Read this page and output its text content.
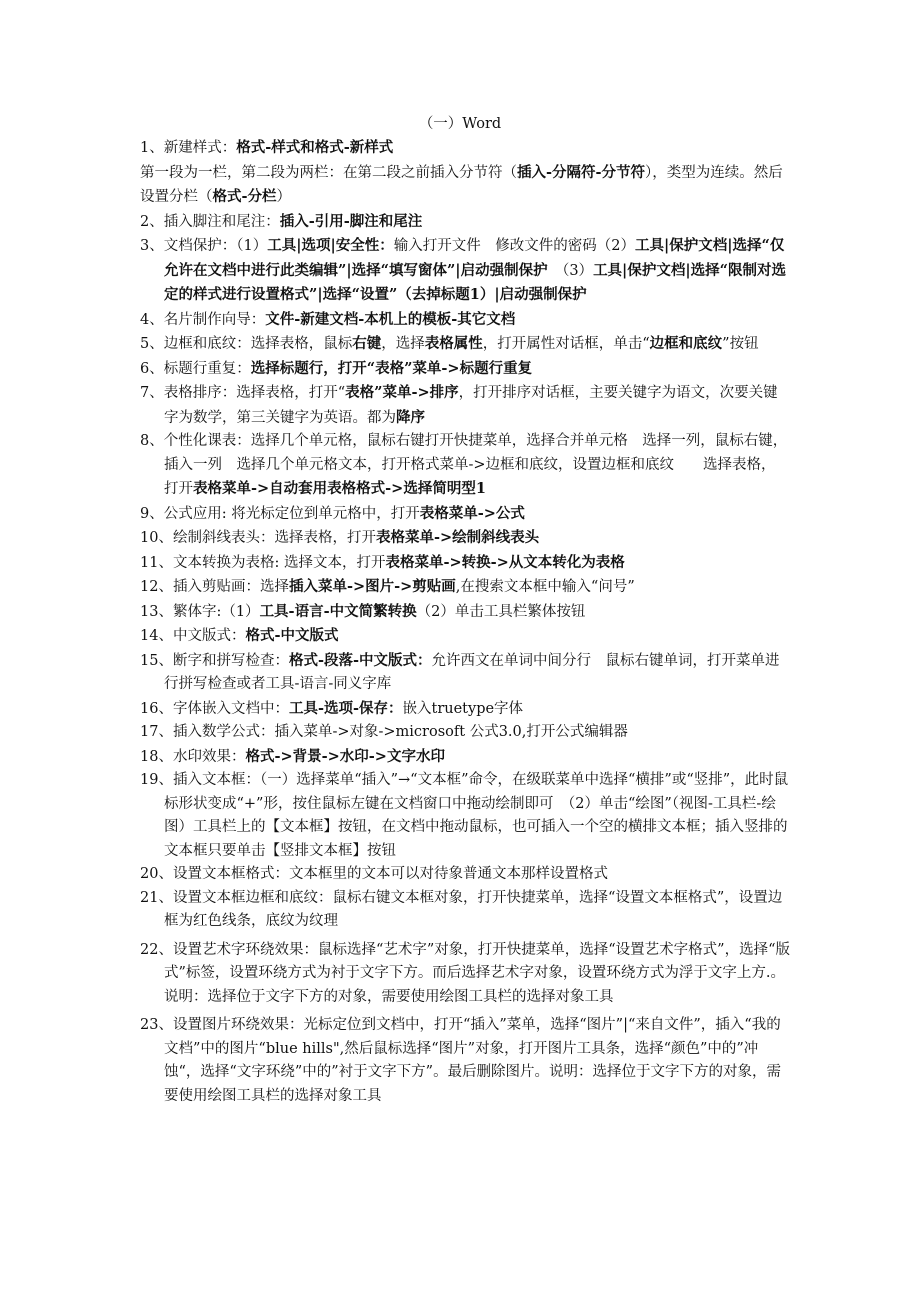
（一）Word

1、新建样式：格式-样式和格式-新样式

第一段为一栏，第二段为两栏：在第二段之前插入分节符（插入-分隔符-分节符），类型为连续。然后设置分栏（格式-分栏）

2、插入脚注和尾注：插入-引用-脚注和尾注

3、文档保护：（1）工具|选项|安全性：输入打开文件　修改文件的密码（2）工具|保护文档|选择“仅允许在文档中进行此类编辑”|选择“填写窗体”|启动强制保护　（3）工具|保护文档|选择“限制对选定的样式进行设置格式”|选择“设置”（去掉标题1）|启动强制保护

4、名片制作向导：文件-新建文档-本机上的模板-其它文档

5、边框和底纹：选择表格，鼠标右键，选择表格属性，打开属性对话框，单击“边框和底纹”按钮

6、标题行重复：选择标题行，打开“表格”菜单->标题行重复

7、表格排序：选择表格，打开“表格”菜单->排序，打开排序对话框，主要关键字为语文，次要关键字为数学，第三关键字为英语。都为降序

8、个性化课表：选择几个单元格，鼠标右键打开快捷菜单，选择合并单元格　选择一列，鼠标右键，插入一列　选择几个单元格文本，打开格式菜单->边框和底纹，设置边框和底纹　　选择表格，打开表格菜单->自动套用表格格式->选择简明型1

9、公式应用: 将光标定位到单元格中，打开表格菜单->公式

10、绘制斜线表头：选择表格，打开表格菜单->绘制斜线表头

11、文本转换为表格: 选择文本，打开表格菜单->转换->从文本转化为表格

12、插入剪贴画：选择插入菜单->图片->剪贴画,在搜索文本框中输入“问号”

13、繁体字:（1）工具-语言-中文简繁转换（2）单击工具栏繁体按钮

14、中文版式：格式-中文版式

15、断字和拼写检查：格式-段落-中文版式：允许西文在单词中间分行　鼠标右键单词，打开菜单进行拼写检查或者工具-语言-同义字库

16、字体嵌入文档中：工具-选项-保存：嵌入truetype字体

17、插入数学公式：插入菜单->对象->microsoft 公式3.0,打开公式编辑器

18、水印效果：格式->背景->水印->文字水印

19、插入文本框：（一）选择菜单“插入”→“文本框”命令，在级联菜单中选择“横排”或“竖排”，此时鼠标形状变成“+”形，按住鼠标左键在文档窗口中拖动绘制即可　（2）单击“绘图”（视图-工具栏-绘图）工具栏上的【文本框】按钮，在文档中拖动鼠标，也可插入一个空的横排文本框；插入竖排的文本框只要单击【竖排文本框】按钮

20、设置文本框格式：文本框里的文本可以对待象普通文本那样设置格式

21、设置文本框边框和底纹：鼠标右键文本框对象，打开快捷菜单，选择“设置文本框格式”，设置边框为红色线条，底纹为纹理

22、设置艺术字环绕效果：鼠标选择“艺术字”对象，打开快捷菜单，选择“设置艺术字格式”，选择“版式”标签，设置环绕方式为衬于文字下方。而后选择艺术字对象，设置环绕方式为浮于文字上方.。说明：选择位于文字下方的对象，需要使用绘图工具栏的选择对象工具

23、设置图片环绕效果：光标定位到文档中，打开“插入”菜单，选择“图片”|“来自文件”，插入“我的文档”中的图片“blue hills",然后鼠标选择“图片”对象，打开图片工具条，选择“颜色”中的”冲蚀“，选择“文字环绕”中的”衬于文字下方”。最后删除图片。说明：选择位于文字下方的对象，需要使用绘图工具栏的选择对象工具
